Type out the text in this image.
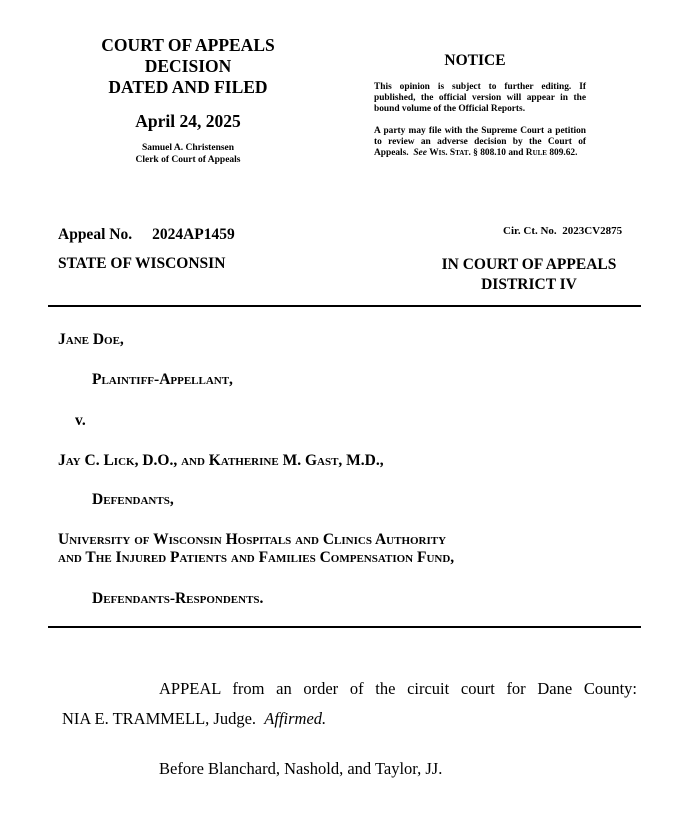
COURT OF APPEALS
DECISION
DATED AND FILED
April 24, 2025
Samuel A. Christensen
Clerk of Court of Appeals
NOTICE

This opinion is subject to further editing. If published, the official version will appear in the bound volume of the Official Reports.

A party may file with the Supreme Court a petition to review an adverse decision by the Court of Appeals. See Wis. Stat. § 808.10 and Rule 809.62.

Appeal No. 2024AP1459	Cir. Ct. No. 2023CV2875
STATE OF WISCONSIN	IN COURT OF APPEALS
DISTRICT IV
Jane Doe,
Plaintiff-Appellant,
v.
Jay C. Lick, D.O., and Katherine M. Gast, M.D.,
Defendants,
University of Wisconsin Hospitals and Clinics Authority
and The Injured Patients and Families Compensation Fund,
Defendants-Respondents.
APPEAL from an order of the circuit court for Dane County:
NIA E. TRAMMELL, Judge. Affirmed.
Before Blanchard, Nashold, and Taylor, JJ.
